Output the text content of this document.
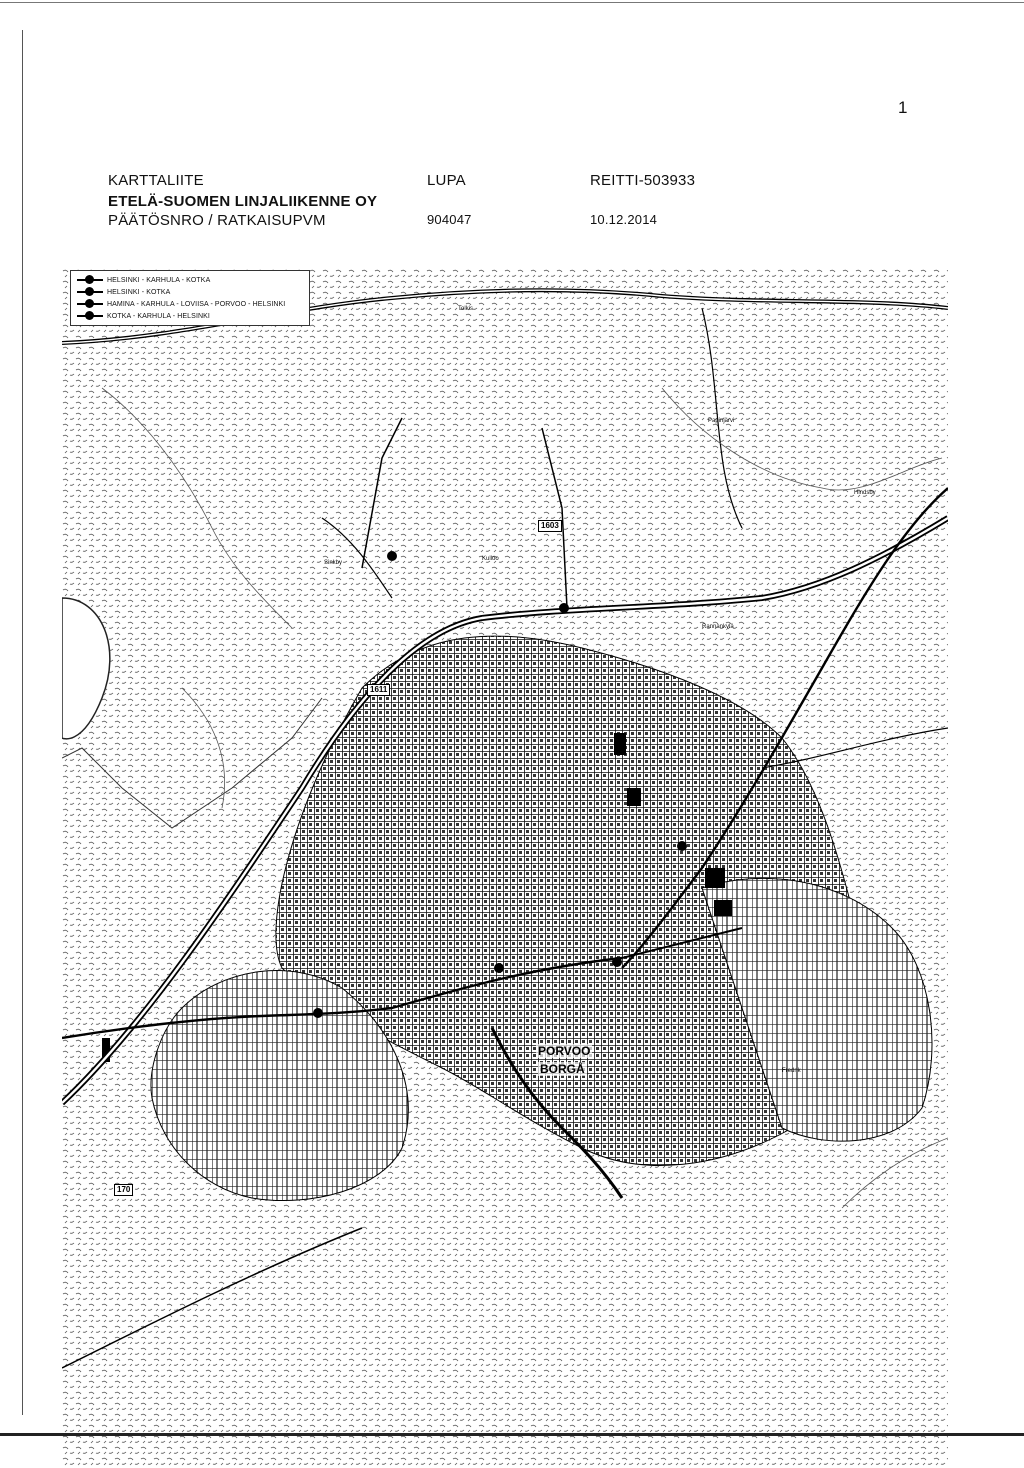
1
KARTTALIITE
ETELÄ-SUOMEN LINJALIIKENNE OY
PÄÄTÖSNRO / RATKAISUPVM
LUPA
904047
REITTI-503933
10.12.2014
1603
1611
170
PORVOO
BORGÅ
Tolkis
Kulloo
Papinjärvi
Hindsby
Sinkby
Fredrik
Rannankylä
HELSINKI - KARHULA - KOTKA
HELSINKI - KOTKA
HAMINA - KARHULA - LOVIISA - PORVOO - HELSINKI
KOTKA - KARHULA - HELSINKI
